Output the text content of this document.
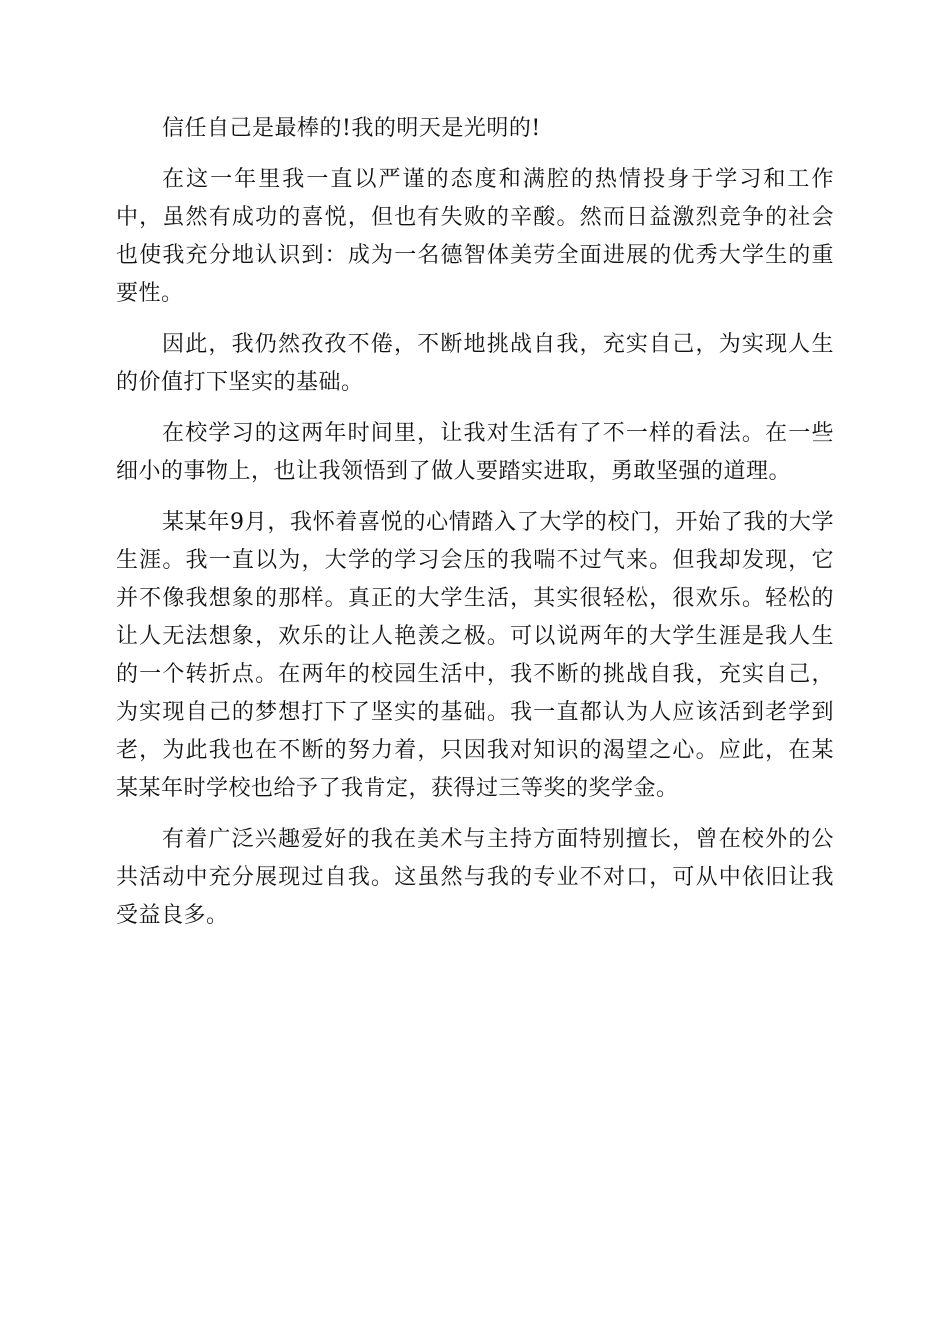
信任自己是最棒的!我的明天是光明的!

在这一年里我一直以严谨的态度和满腔的热情投身于学习和工作中，虽然有成功的喜悦，但也有失败的辛酸。然而日益激烈竞争的社会也使我充分地认识到：成为一名德智体美劳全面进展的优秀大学生的重要性。

因此，我仍然孜孜不倦，不断地挑战自我，充实自己，为实现人生的价值打下坚实的基础。

在校学习的这两年时间里，让我对生活有了不一样的看法。在一些细小的事物上，也让我领悟到了做人要踏实进取，勇敢坚强的道理。

某某年9月，我怀着喜悦的心情踏入了大学的校门，开始了我的大学生涯。我一直以为，大学的学习会压的我喘不过气来。但我却发现，它并不像我想象的那样。真正的大学生活，其实很轻松，很欢乐。轻松的让人无法想象，欢乐的让人艳羡之极。可以说两年的大学生涯是我人生的一个转折点。在两年的校园生活中，我不断的挑战自我，充实自己，为实现自己的梦想打下了坚实的基础。我一直都认为人应该活到老学到老，为此我也在不断的努力着，只因我对知识的渴望之心。应此，在某某某年时学校也给予了我肯定，获得过三等奖的奖学金。

有着广泛兴趣爱好的我在美术与主持方面特别擅长，曾在校外的公共活动中充分展现过自我。这虽然与我的专业不对口，可从中依旧让我受益良多。
